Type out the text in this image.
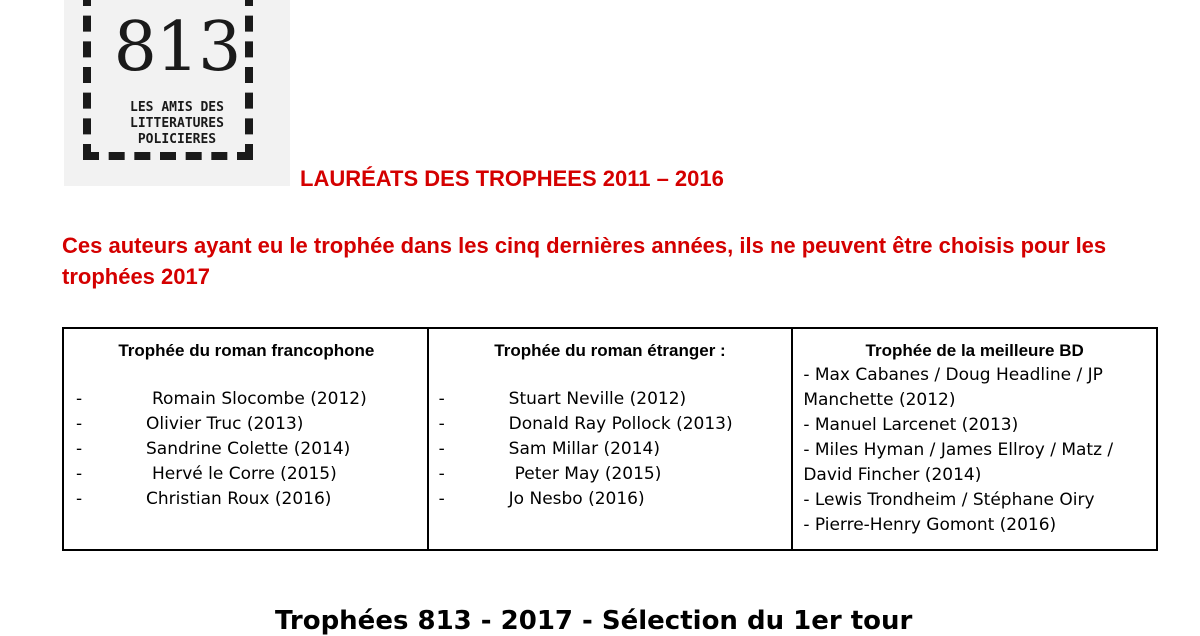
813
LES AMIS DES
LITTERATURES
POLICIERES
LAURÉATS DES TROPHEES 2011 – 2016

Ces auteurs ayant eu le trophée dans les cinq dernières années, ils ne peuvent être choisis pour les trophées 2017

Trophée du roman francophone
-	Romain Slocombe (2012)
-	Olivier Truc (2013)
-	Sandrine Colette (2014)
-	Hervé le Corre (2015)
-	Christian Roux (2016)

Trophée du roman étranger :
-	Stuart Neville (2012)
-	Donald Ray Pollock (2013)
-	Sam Millar (2014)
-	Peter May (2015)
-	Jo Nesbo (2016)

Trophée de la meilleure BD
- Max Cabanes / Doug Headline / JP Manchette (2012)
- Manuel Larcenet (2013)
- Miles Hyman / James Ellroy / Matz / David Fincher (2014)
- Lewis Trondheim / Stéphane Oiry
- Pierre-Henry Gomont (2016)
Trophées 813 - 2017 - Sélection du 1er tour
